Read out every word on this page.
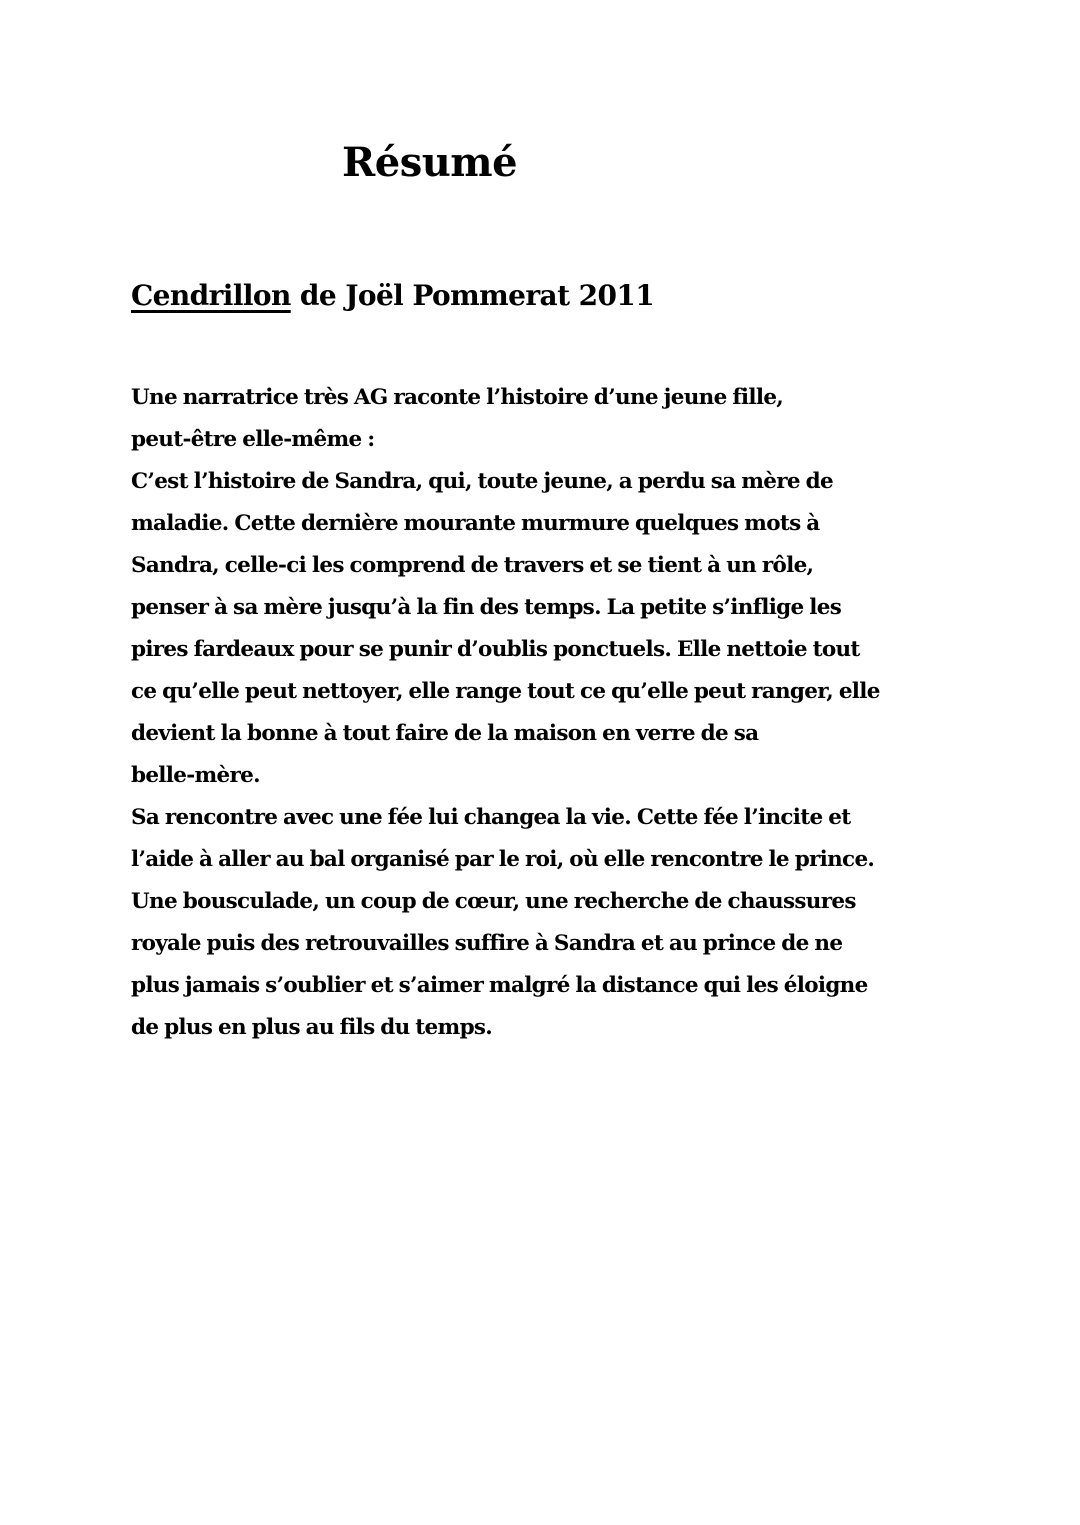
Résumé
Cendrillon de Joël Pommerat 2011

Une narratrice très AG raconte l’histoire d’une jeune fille,
peut-être elle-même :
C’est l’histoire de Sandra, qui, toute jeune, a perdu sa mère de
maladie. Cette dernière mourante murmure quelques mots à
Sandra, celle-ci les comprend de travers et se tient à un rôle,
penser à sa mère jusqu’à la fin des temps. La petite s’inflige les
pires fardeaux pour se punir d’oublis ponctuels. Elle nettoie tout
ce qu’elle peut nettoyer, elle range tout ce qu’elle peut ranger, elle
devient la bonne à tout faire de la maison en verre de sa
belle-mère.
Sa rencontre avec une fée lui changea la vie. Cette fée l’incite et
l’aide à aller au bal organisé par le roi, où elle rencontre le prince.
Une bousculade, un coup de cœur, une recherche de chaussures
royale puis des retrouvailles suffire à Sandra et au prince de ne
plus jamais s’oublier et s’aimer malgré la distance qui les éloigne
de plus en plus au fils du temps.
